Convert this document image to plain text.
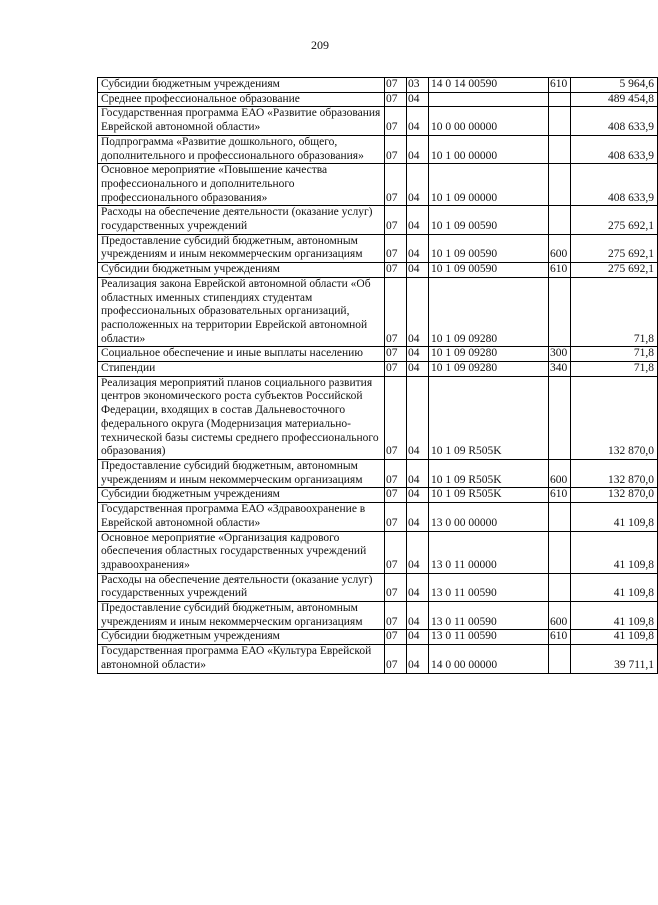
209
Субсидии бюджетным учреждениям	07	03	14 0 14 00590	610	5 964,6
Среднее профессиональное образование	07	04			489 454,8
Государственная программа ЕАО «Развитие образования Еврейской автономной области»	07	04	10 0 00 00000		408 633,9
Подпрограмма «Развитие дошкольного, общего, дополнительного и профессионального образования»	07	04	10 1 00 00000		408 633,9
Основное мероприятие «Повышение качества профессионального и дополнительного профессионального образования»	07	04	10 1 09 00000		408 633,9
Расходы на обеспечение деятельности (оказание услуг) государственных учреждений	07	04	10 1 09 00590		275 692,1
Предоставление субсидий бюджетным, автономным учреждениям и иным некоммерческим организациям	07	04	10 1 09 00590	600	275 692,1
Субсидии бюджетным учреждениям	07	04	10 1 09 00590	610	275 692,1
Реализация закона Еврейской автономной области «Об областных именных стипендиях студентам профессиональных образовательных организаций, расположенных на территории Еврейской автономной области»	07	04	10 1 09 09280		71,8
Социальное обеспечение и иные выплаты населению	07	04	10 1 09 09280	300	71,8
Стипендии	07	04	10 1 09 09280	340	71,8
Реализация мероприятий планов социального развития центров экономического роста субъектов Российской Федерации, входящих в состав Дальневосточного федерального округа (Модернизация материально-технической базы системы среднего профессионального образования)	07	04	10 1 09 R505K		132 870,0
Предоставление субсидий бюджетным, автономным учреждениям и иным некоммерческим организациям	07	04	10 1 09 R505K	600	132 870,0
Субсидии бюджетным учреждениям	07	04	10 1 09 R505K	610	132 870,0
Государственная программа ЕАО «Здравоохранение в Еврейской автономной области»	07	04	13 0 00 00000		41 109,8
Основное мероприятие «Организация кадрового обеспечения областных государственных учреждений здравоохранения»	07	04	13 0 11 00000		41 109,8
Расходы на обеспечение деятельности (оказание услуг) государственных учреждений	07	04	13 0 11 00590		41 109,8
Предоставление субсидий бюджетным, автономным учреждениям и иным некоммерческим организациям	07	04	13 0 11 00590	600	41 109,8
Субсидии бюджетным учреждениям	07	04	13 0 11 00590	610	41 109,8
Государственная программа ЕАО «Культура Еврейской автономной области»	07	04	14 0 00 00000		39 711,1
